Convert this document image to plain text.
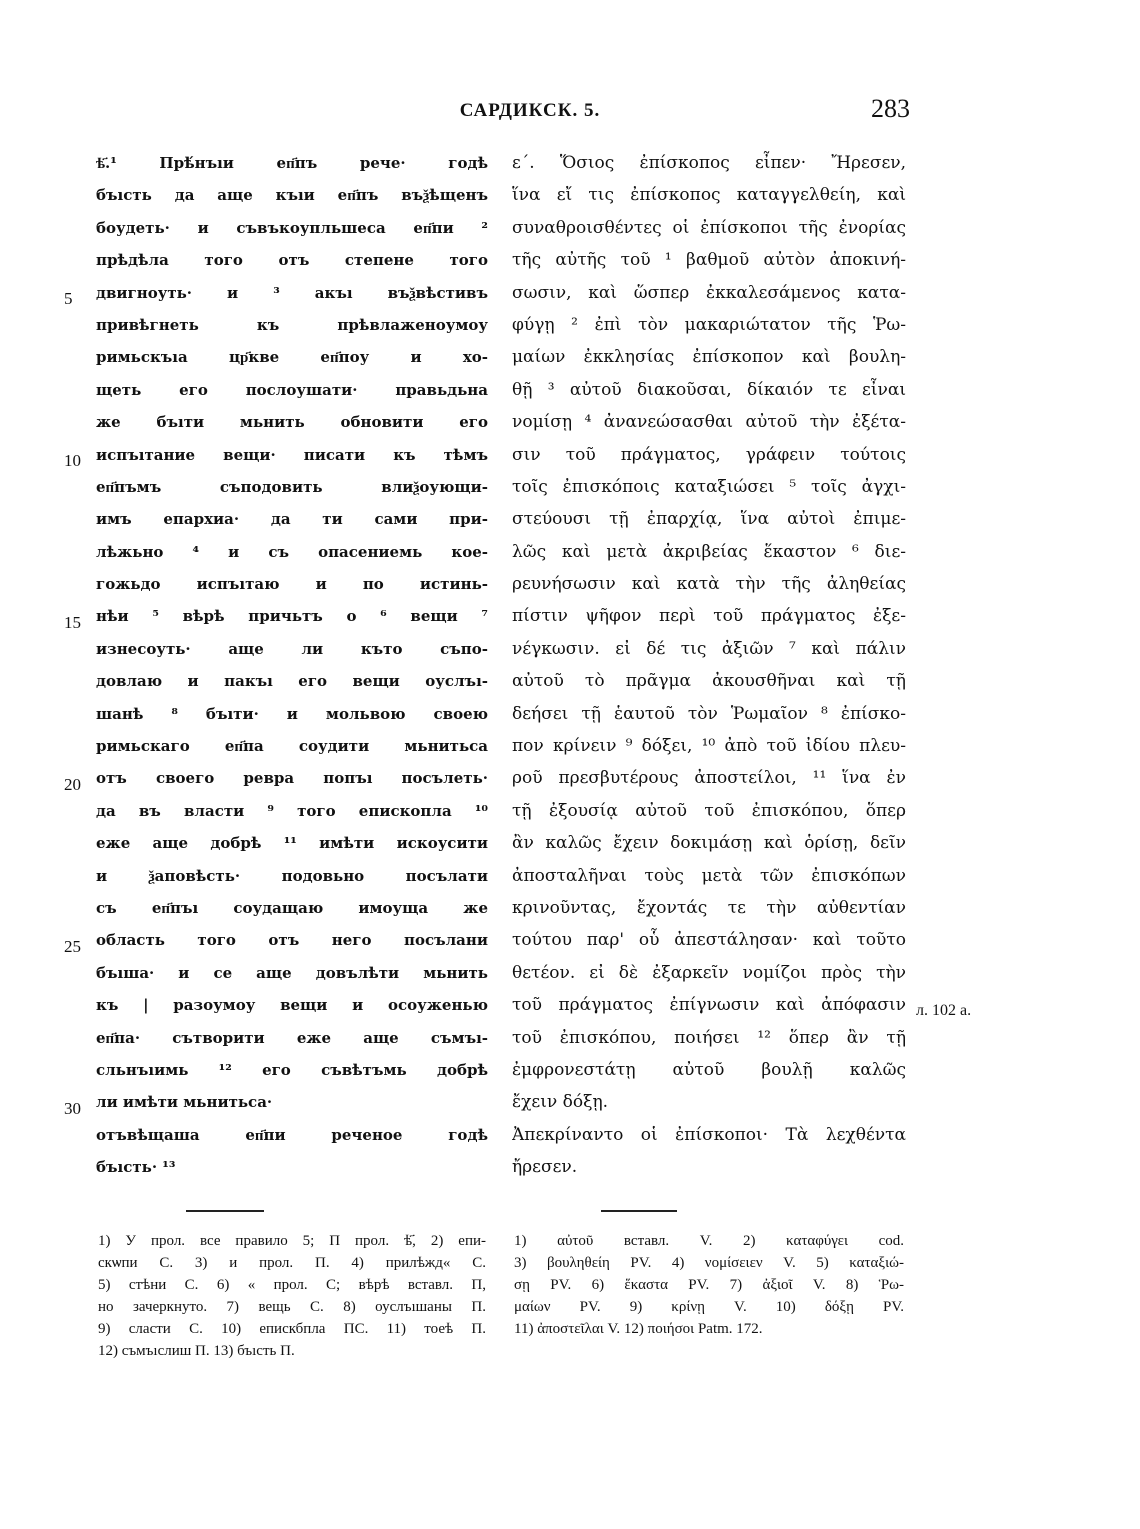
САРДИКСК. 5.	283
5
10
15
20
25
30
ѣ҃.¹ Прѣ́нъıи еп҃пъ рече· годѣ
бъıсть да аще къıи еп҃пъ въѯѣщенъ
боудеть· и съвъкоупльшеса еп҃пи ²
прѣдѣла того отъ степене того
двигноуть· и ³ акъı въѯвѣстивъ
привѣгнеть къ прѣвлаженоумоу
римьскъıа цр҃кве еп҃поу и хо-
щеть его послоушати· правьдьна
же бъıти мьнить обновити его
испъıтание вещи· писати къ тѣмъ
еп҃пъмъ съподовить влиѯоующи-
имъ епархиа· да ти сами при-
лѣжьно ⁴ и съ опасениемь кое-
гожьдо испъıтаю и по истинь-
нѣи ⁵ вѣрѣ причьтъ о ⁶ вещи ⁷
изнесоуть· аще ли къто съпо-
довлаю и пакъı его вещи оуслъı-
шанѣ ⁸ бъıти· и мольвою своею
римьскаго еп҃па соудити мьнитьса
отъ своего ревра попъı посълеть·
да въ власти ⁹ того епископла ¹⁰
еже аще добрѣ ¹¹ имѣти искоусити
и ѯаповѣсть· подовьно посълати
съ еп҃пъı соудащаю имоуща же
область того отъ него посълани
бъıша· и се аще довълѣти мьнить
къ | разоумоу вещи и осоуженью
еп҃па· сътворити еже аще съмъı-
сльнъıимь ¹² его съвѣтъмь добрѣ
ли имѣти мьнитьса·
отъвѣщаша еп҃пи реченое годѣ
бъıсть· ¹³
ε΄. Ὅσιος ἐπίσκοπος εἶπεν· Ἤρεσεν,
ἵνα εἴ τις ἐπίσκοπος καταγγελθείη, καὶ
συναθροισθέντες οἱ ἐπίσκοποι τῆς ἐνορίας
τῆς αὐτῆς τοῦ ¹ βαθμοῦ αὐτὸν ἀποκινή-
σωσιν, καὶ ὥσπερ ἐκκαλεσάμενος κατα-
φύγῃ ² ἐπὶ τὸν μακαριώτατον τῆς Ῥω-
μαίων ἐκκλησίας ἐπίσκοπον καὶ βουλη-
θῇ ³ αὐτοῦ διακοῦσαι, δίκαιόν τε εἶναι
νομίσῃ ⁴ ἀνανεώσασθαι αὐτοῦ τὴν ἐξέτα-
σιν τοῦ πράγματος, γράφειν τούτοις
τοῖς ἐπισκόποις καταξιώσει ⁵ τοῖς ἀγχι-
στεύουσι τῇ ἐπαρχίᾳ, ἵνα αὐτοὶ ἐπιμε-
λῶς καὶ μετὰ ἀκριβείας ἕκαστον ⁶ διε-
ρευνήσωσιν καὶ κατὰ τὴν τῆς ἀληθείας
πίστιν ψῆφον περὶ τοῦ πράγματος ἐξε-
νέγκωσιν. εἰ δέ τις ἀξιῶν ⁷ καὶ πάλιν
αὐτοῦ τὸ πρᾶγμα ἀκουσθῆναι καὶ τῇ
δεήσει τῇ ἑαυτοῦ τὸν Ῥωμαῖον ⁸ ἐπίσκο-
πον κρίνειν ⁹ δόξει, ¹⁰ ἀπὸ τοῦ ἰδίου πλευ-
ροῦ πρεσβυτέρους ἀποστείλοι, ¹¹ ἵνα ἐν
τῇ ἐξουσίᾳ αὐτοῦ τοῦ ἐπισκόπου, ὅπερ
ἂν καλῶς ἔχειν δοκιμάσῃ καὶ ὁρίσῃ, δεῖν
ἀποσταλῆναι τοὺς μετὰ τῶν ἐπισκόπων
κρινοῦντας, ἔχοντάς τε τὴν αὐθεντίαν
τούτου παρ' οὗ ἀπεστάλησαν· καὶ τοῦτο
θετέον. εἰ δὲ ἐξαρκεῖν νομίζοι πρὸς τὴν
τοῦ πράγματος ἐπίγνωσιν καὶ ἀπόφασιν
τοῦ ἐπισκόπου, ποιήσει ¹² ὅπερ ἂν τῇ
ἐμφρονεστάτῃ αὐτοῦ βουλῇ καλῶς
ἔχειν δόξῃ.
Ἀπεκρίναντο οἱ ἐπίσκοποι· Τὰ λεχθέντα
ἤρεσεν.
л. 102 а.
1) У прол. все правило 5; П прол. ѣ҃, 2) епи-
скѡпи С. 3) и прол. П. 4) прилѣжд« С.
5) стѣни С. 6) « прол. С; вѣрѣ вставл. П,
но зачеркнуто. 7) вещь С. 8) оуслъıшаны П.
9) сласти С. 10) епискбпла ПС. 11) тоеѣ П.
12) съмъıслиш П. 13) бъıсть П.
1) αὐτοῦ вставл. V. 2) καταφύγει cod.
3) βουληθείη PV. 4) νομίσειεν V. 5) καταξιώ-
σῃ PV. 6) ἕκαστα PV. 7) ἀξιοῖ V. 8) Ῥω-
μαίων PV. 9) κρίνῃ V. 10) δόξῃ PV.
11) ἀποστεῖλαι V. 12) ποιήσοι Patm. 172.
